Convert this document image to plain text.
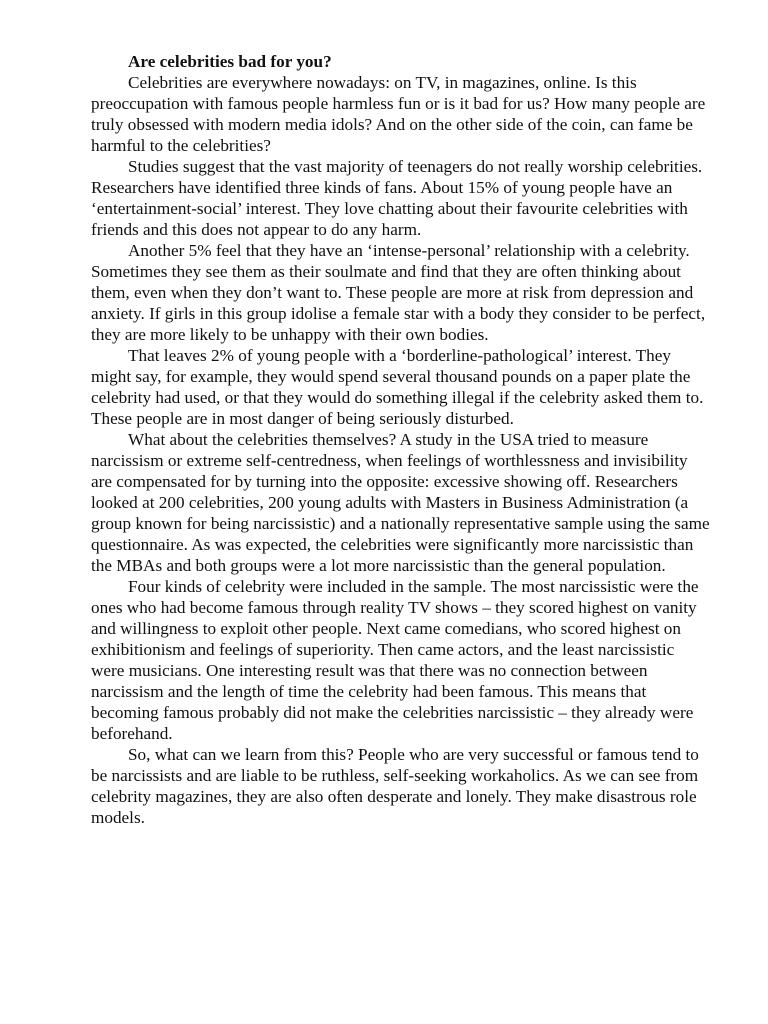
Are celebrities bad for you?

Celebrities are everywhere nowadays: on TV, in magazines, online. Is this preoccupation with famous people harmless fun or is it bad for us? How many people are truly obsessed with modern media idols? And on the other side of the coin, can fame be harmful to the celebrities?

Studies suggest that the vast majority of teenagers do not really worship celebrities. Researchers have identified three kinds of fans. About 15% of young people have an ‘entertainment-social’ interest. They love chatting about their favourite celebrities with friends and this does not appear to do any harm.

Another 5% feel that they have an ‘intense-personal’ relationship with a celebrity. Sometimes they see them as their soulmate and find that they are often thinking about them, even when they don’t want to. These people are more at risk from depression and anxiety. If girls in this group idolise a female star with a body they consider to be perfect, they are more likely to be unhappy with their own bodies.

That leaves 2% of young people with a ‘borderline-pathological’ interest. They might say, for example, they would spend several thousand pounds on a paper plate the celebrity had used, or that they would do something illegal if the celebrity asked them to. These people are in most danger of being seriously disturbed.

What about the celebrities themselves? A study in the USA tried to measure narcissism or extreme self-centredness, when feelings of worthlessness and invisibility are compensated for by turning into the opposite: excessive showing off. Researchers looked at 200 celebrities, 200 young adults with Masters in Business Administration (a group known for being narcissistic) and a nationally representative sample using the same questionnaire. As was expected, the celebrities were significantly more narcissistic than the MBAs and both groups were a lot more narcissistic than the general population.

Four kinds of celebrity were included in the sample. The most narcissistic were the ones who had become famous through reality TV shows – they scored highest on vanity and willingness to exploit other people. Next came comedians, who scored highest on exhibitionism and feelings of superiority. Then came actors, and the least narcissistic were musicians. One interesting result was that there was no connection between narcissism and the length of time the celebrity had been famous. This means that becoming famous probably did not make the celebrities narcissistic – they already were beforehand.

So, what can we learn from this? People who are very successful or famous tend to be narcissists and are liable to be ruthless, self-seeking workaholics. As we can see from celebrity magazines, they are also often desperate and lonely. They make disastrous role models.
